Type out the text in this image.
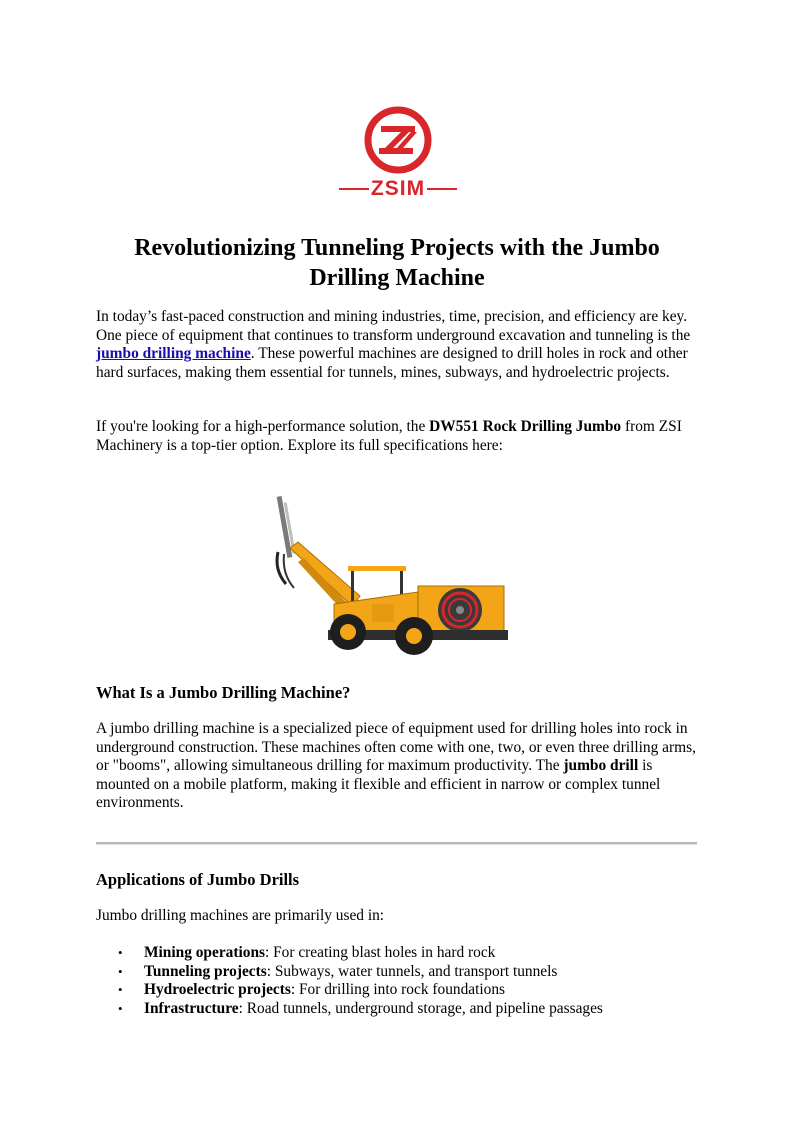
ZSIM
Revolutionizing Tunneling Projects with the Jumbo Drilling Machine

In today’s fast-paced construction and mining industries, time, precision, and efficiency are key. One piece of equipment that continues to transform underground excavation and tunneling is the jumbo drilling machine. These powerful machines are designed to drill holes in rock and other hard surfaces, making them essential for tunnels, mines, subways, and hydroelectric projects.

If you're looking for a high-performance solution, the DW551 Rock Drilling Jumbo from ZSI Machinery is a top-tier option. Explore its full specifications here:

What Is a Jumbo Drilling Machine?

A jumbo drilling machine is a specialized piece of equipment used for drilling holes into rock in underground construction. These machines often come with one, two, or even three drilling arms, or "booms", allowing simultaneous drilling for maximum productivity. The jumbo drill is mounted on a mobile platform, making it flexible and efficient in narrow or complex tunnel environments.

Applications of Jumbo Drills

Jumbo drilling machines are primarily used in:

• Mining operations: For creating blast holes in hard rock
• Tunneling projects: Subways, water tunnels, and transport tunnels
• Hydroelectric projects: For drilling into rock foundations
• Infrastructure: Road tunnels, underground storage, and pipeline passages
